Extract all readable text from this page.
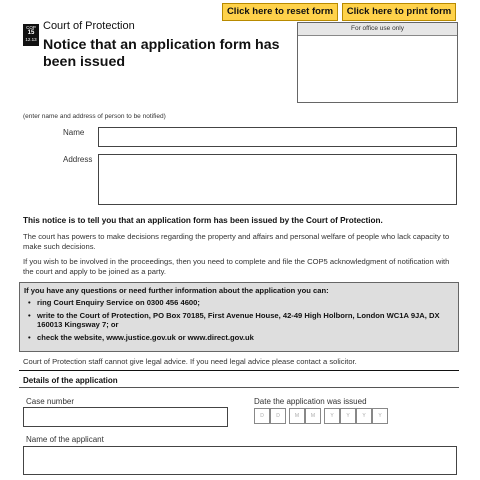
COP
15
12.13
Court of Protection
Notice that an application form has been issued
Click here to reset form	Click here to print form
For office use only
(enter name and address of person to be notified)
Name
Address
This notice is to tell you that an application form has been issued by the Court of Protection.
The court has powers to make decisions regarding the property and affairs and personal welfare of people who lack capacity to make such decisions.
If you wish to be involved in the proceedings, then you need to complete and file the COP5 acknowledgment of notification with the court and apply to be joined as a party.
If you have any questions or need further information about the application you can:
• ring Court Enquiry Service on 0300 456 4600;
• write to the Court of Protection, PO Box 70185, First Avenue House, 42-49 High Holborn, London WC1A 9JA, DX 160013 Kingsway 7; or
• check the website, www.justice.gov.uk or www.direct.gov.uk
Court of Protection staff cannot give legal advice. If you need legal advice please contact a solicitor.
Details of the application
Case number	Date the application was issued
D	D	M	M	Y	Y	Y	Y
Name of the applicant
